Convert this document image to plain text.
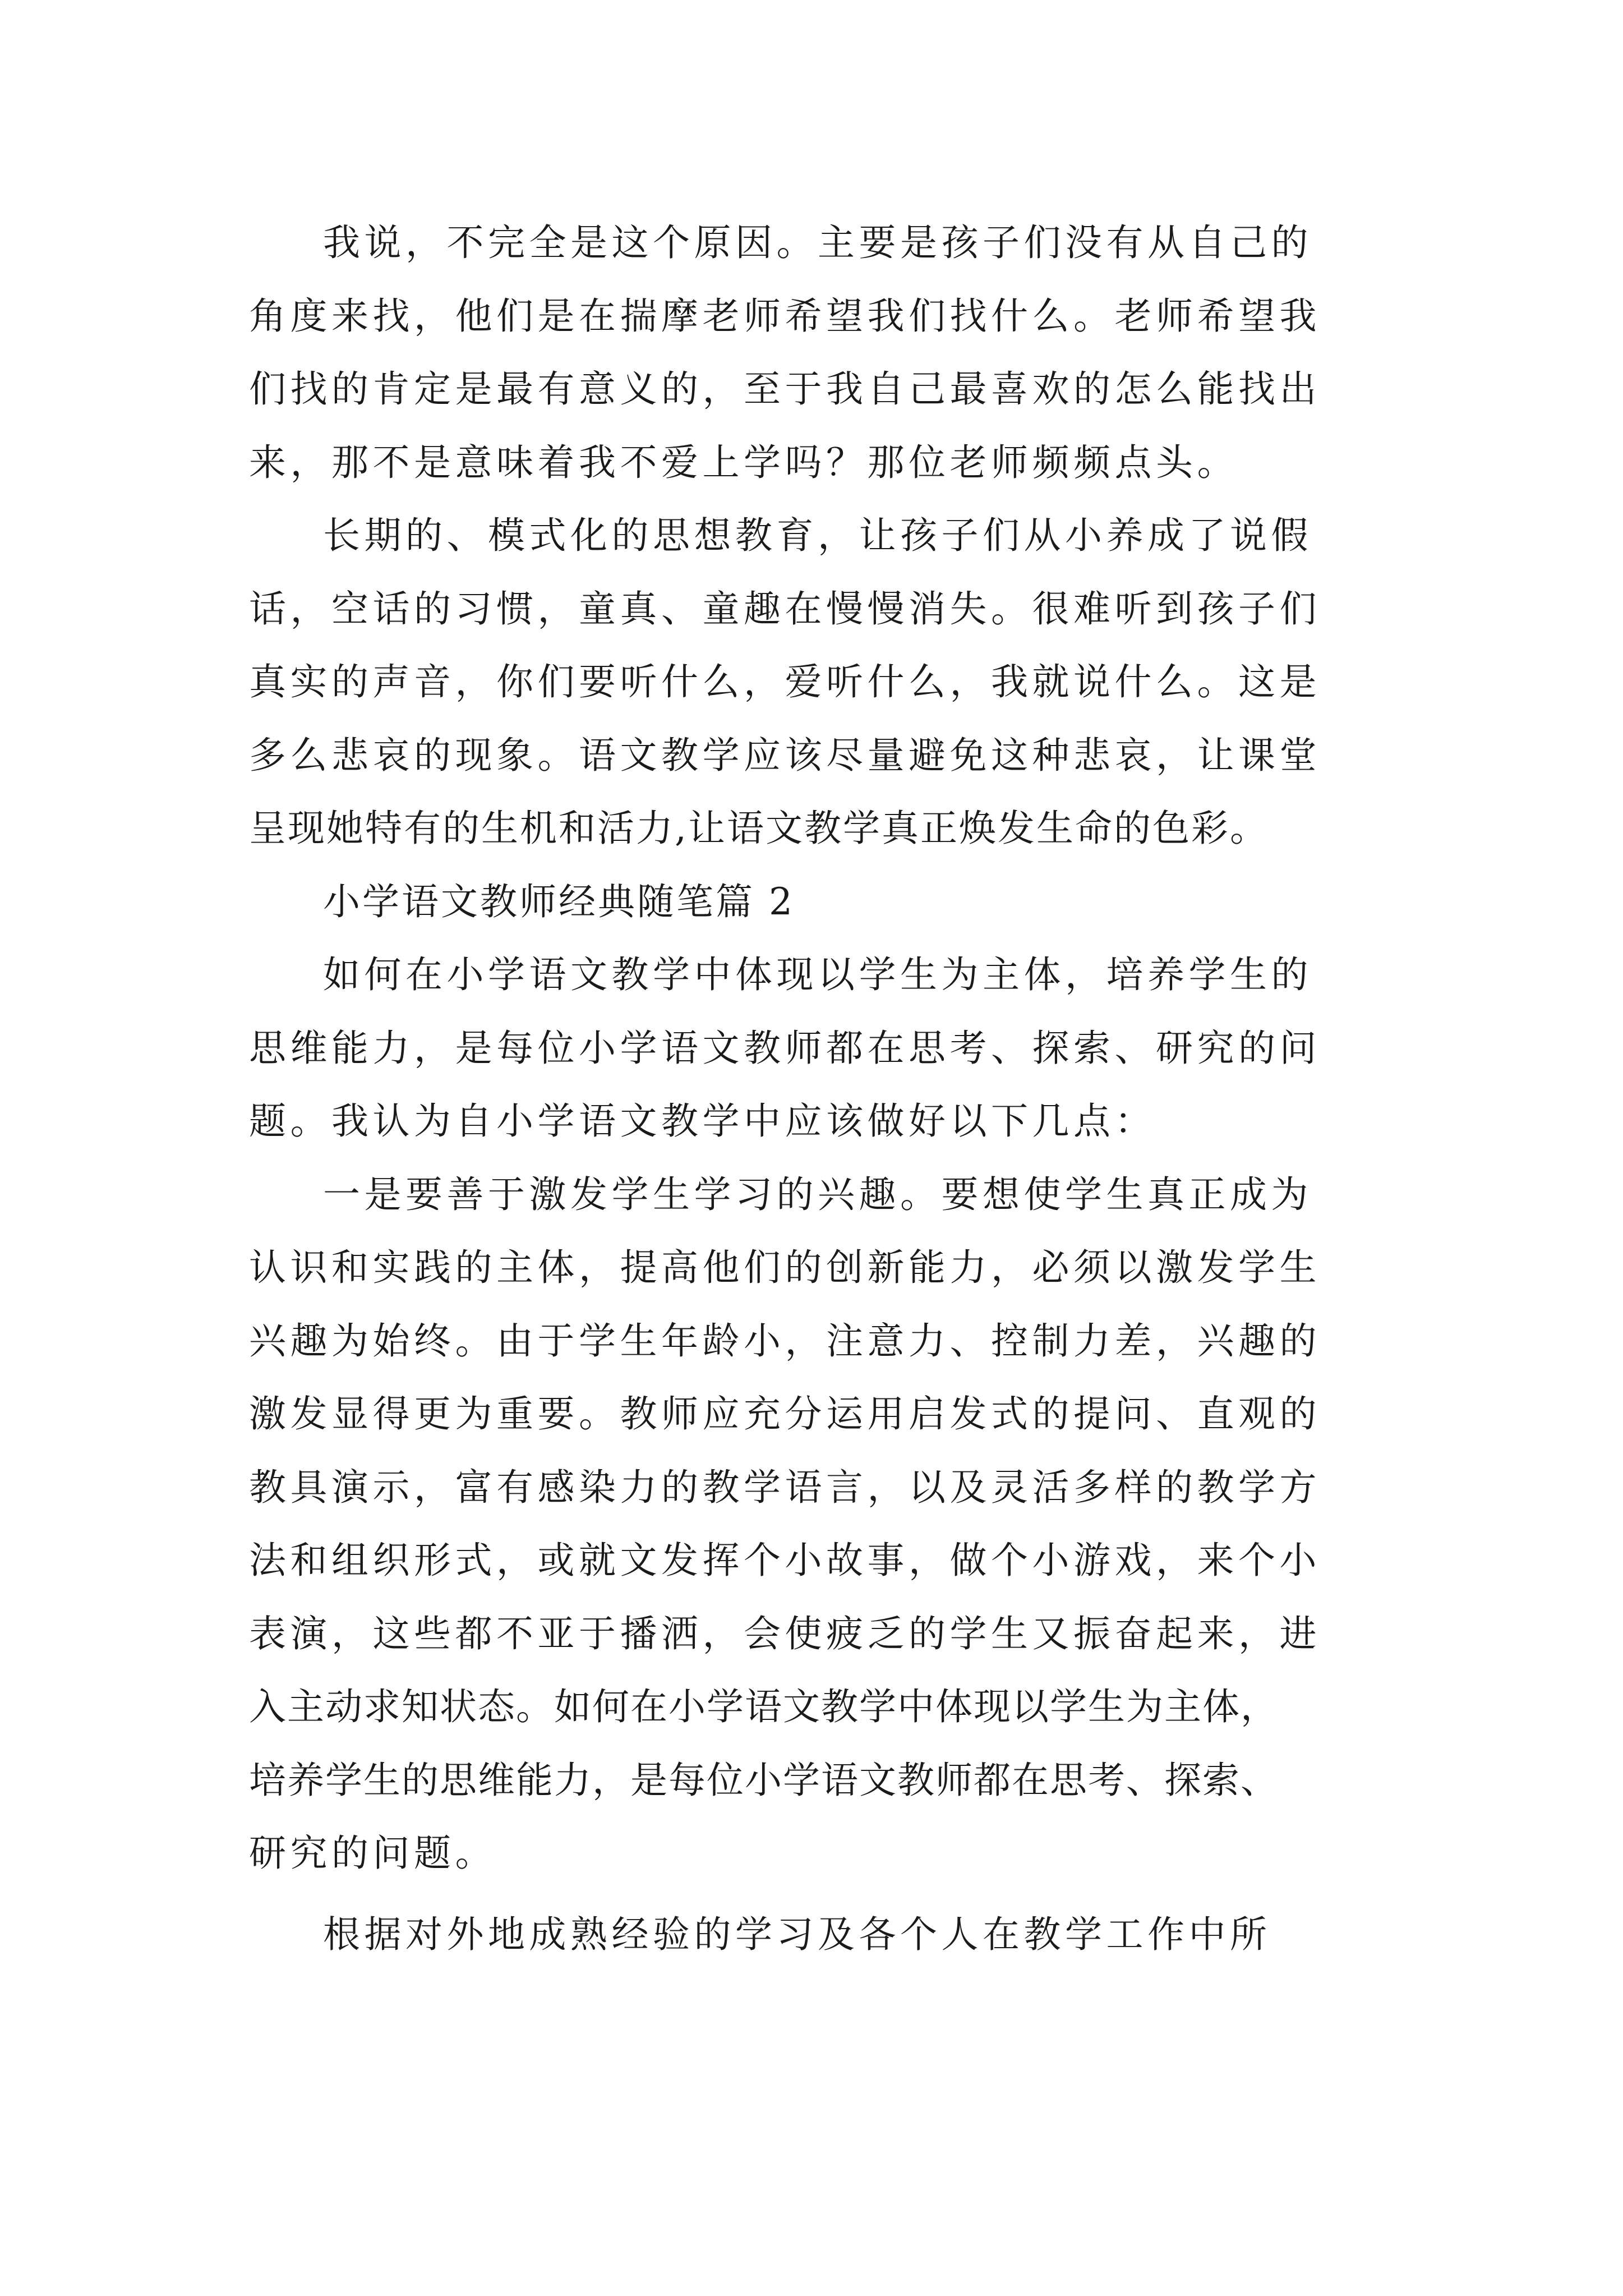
我说，不完全是这个原因。主要是孩子们没有从自己的
角度来找，他们是在揣摩老师希望我们找什么。老师希望我
们找的肯定是最有意义的，至于我自己最喜欢的怎么能找出
来，那不是意味着我不爱上学吗？那位老师频频点头。

长期的、模式化的思想教育，让孩子们从小养成了说假
话，空话的习惯，童真、童趣在慢慢消失。很难听到孩子们
真实的声音，你们要听什么，爱听什么，我就说什么。这是
多么悲哀的现象。语文教学应该尽量避免这种悲哀，让课堂
呈现她特有的生机和活力,让语文教学真正焕发生命的色彩。

小学语文教师经典随笔篇 2

如何在小学语文教学中体现以学生为主体，培养学生的
思维能力，是每位小学语文教师都在思考、探索、研究的问
题。我认为自小学语文教学中应该做好以下几点：

一是要善于激发学生学习的兴趣。要想使学生真正成为
认识和实践的主体，提高他们的创新能力，必须以激发学生
兴趣为始终。由于学生年龄小，注意力、控制力差，兴趣的
激发显得更为重要。教师应充分运用启发式的提问、直观的
教具演示，富有感染力的教学语言，以及灵活多样的教学方
法和组织形式，或就文发挥个小故事，做个小游戏，来个小
表演，这些都不亚于播洒，会使疲乏的学生又振奋起来，进
入主动求知状态。如何在小学语文教学中体现以学生为主体，
培养学生的思维能力，是每位小学语文教师都在思考、探索、
研究的问题。

根据对外地成熟经验的学习及各个人在教学工作中所
